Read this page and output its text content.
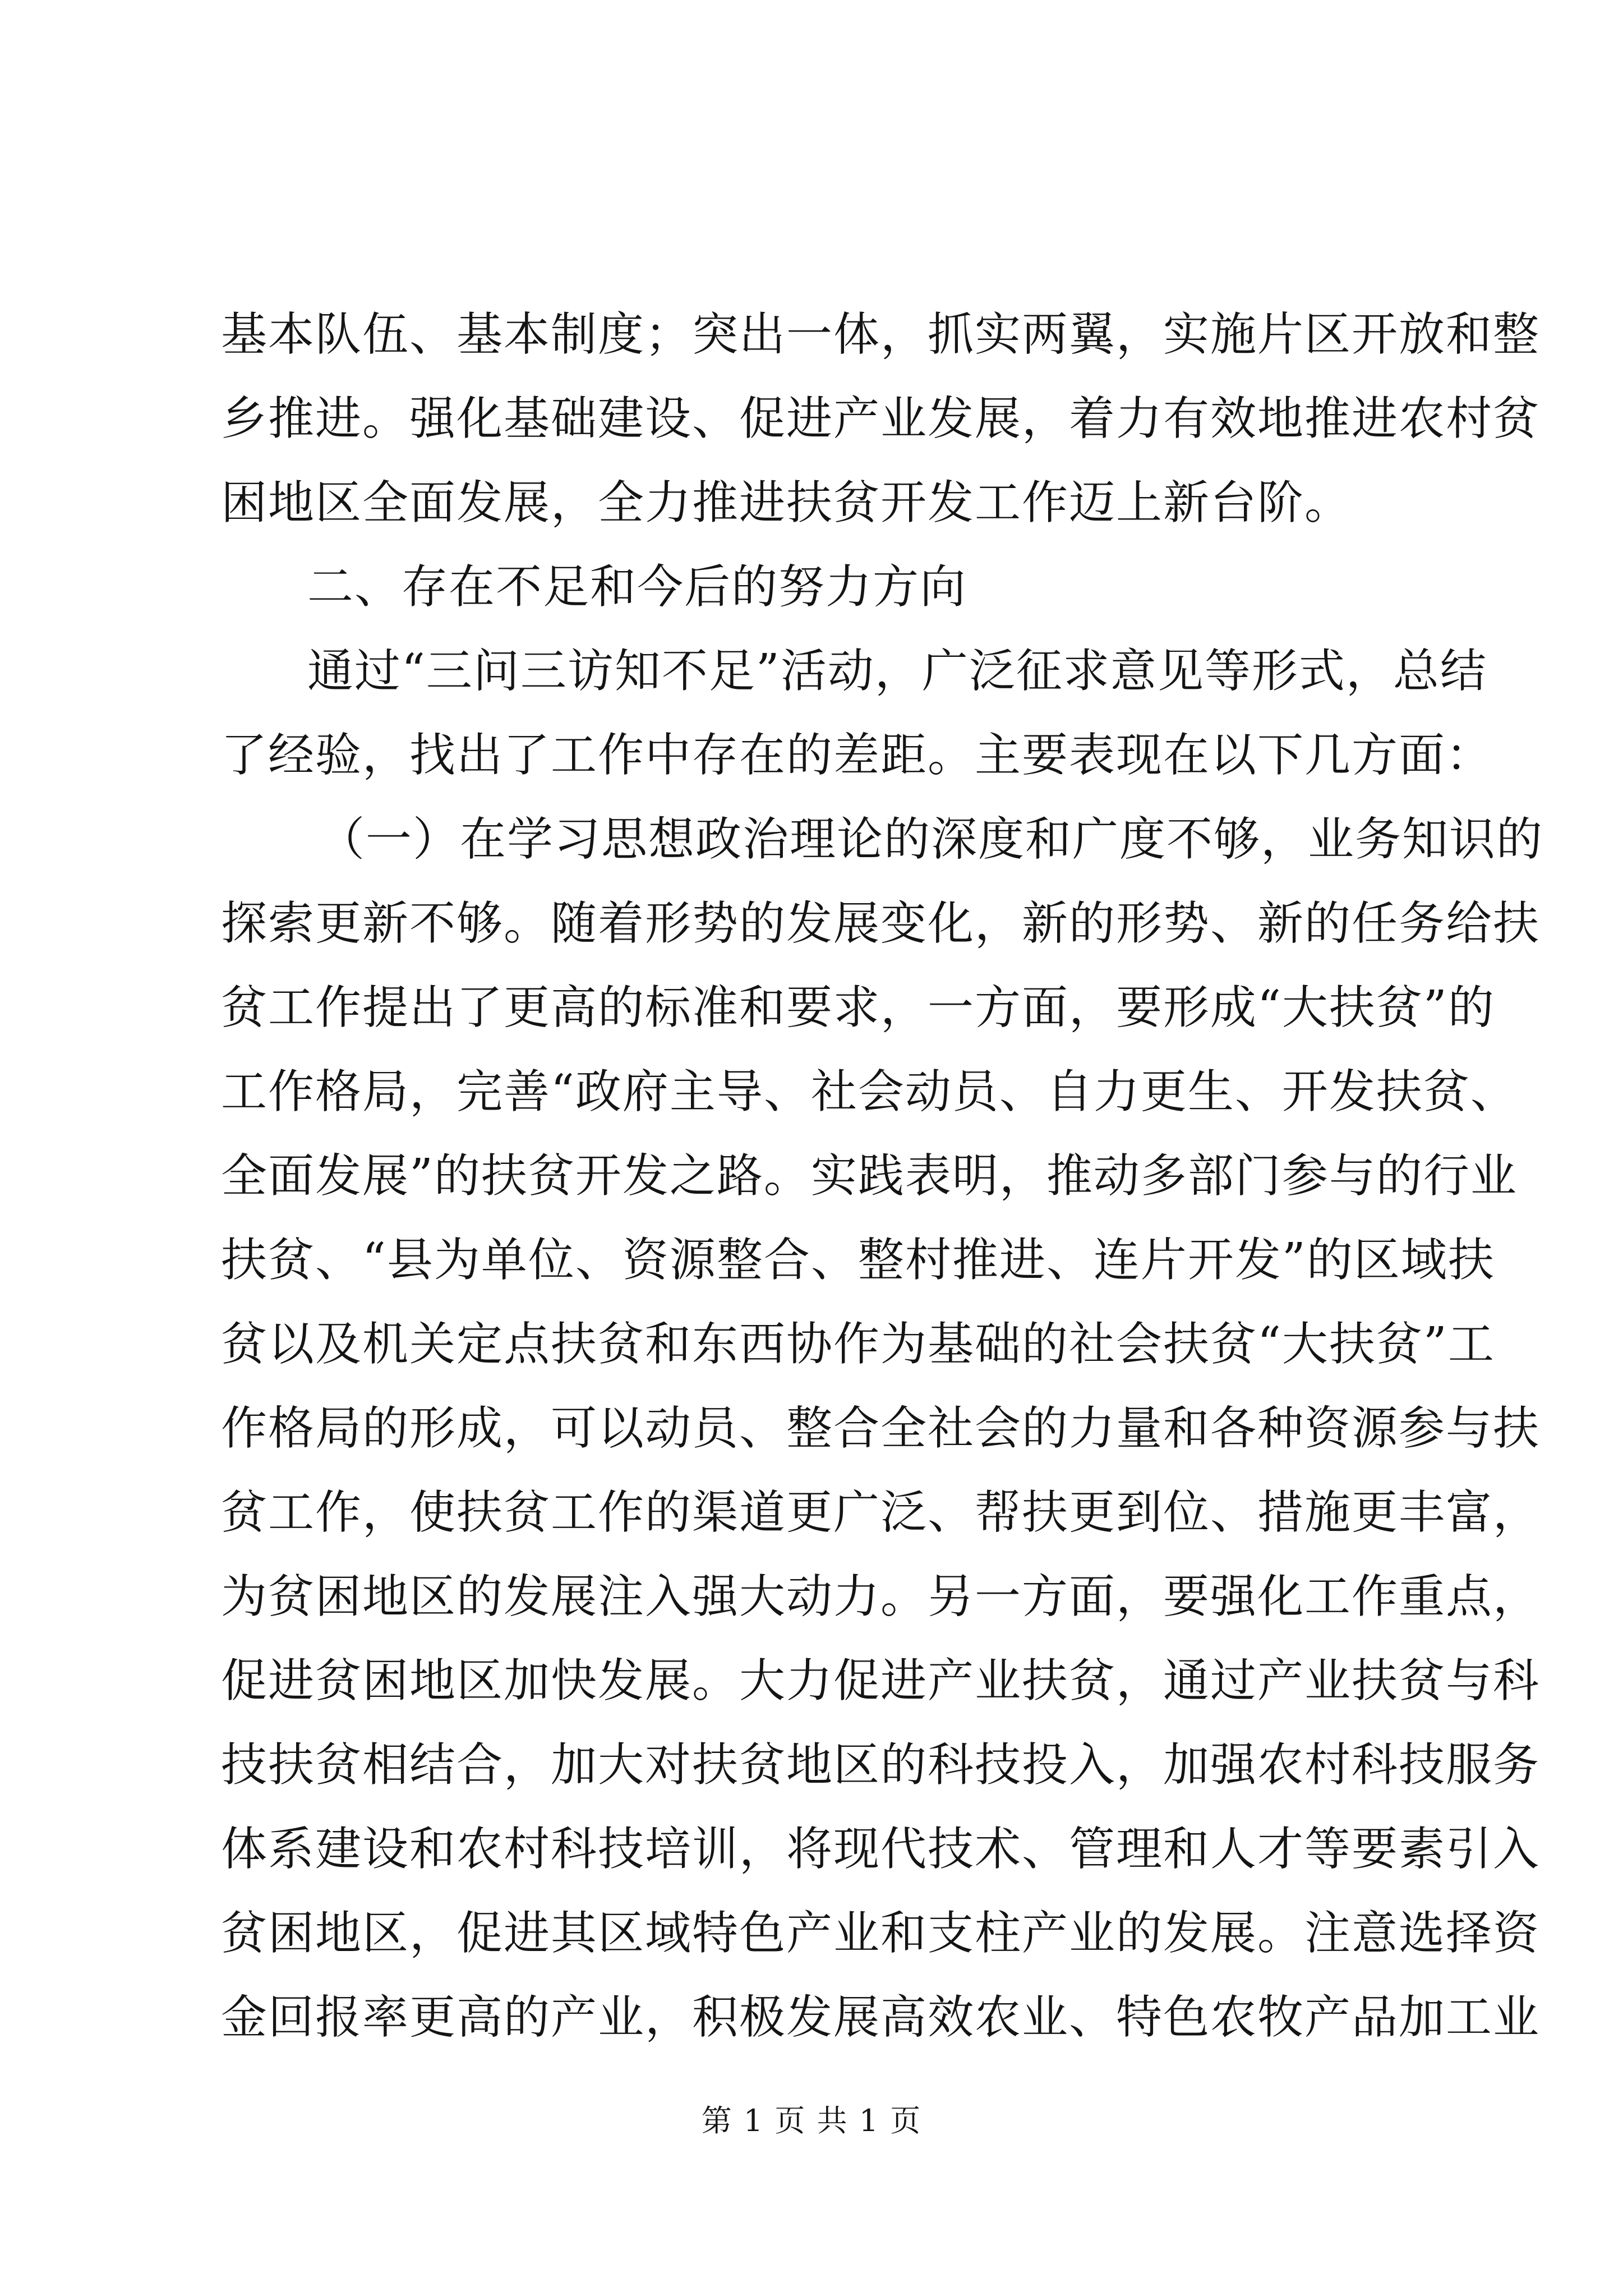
基本队伍、基本制度；突出一体，抓实两翼，实施片区开放和整
乡推进。强化基础建设、促进产业发展，着力有效地推进农村贫
困地区全面发展，全力推进扶贫开发工作迈上新台阶。
二、存在不足和今后的努力方向
通过“三问三访知不足”活动，广泛征求意见等形式，总结
了经验，找出了工作中存在的差距。主要表现在以下几方面：
（一）在学习思想政治理论的深度和广度不够，业务知识的
探索更新不够。随着形势的发展变化，新的形势、新的任务给扶
贫工作提出了更高的标准和要求，一方面，要形成“大扶贫”的
工作格局，完善“政府主导、社会动员、自力更生、开发扶贫、
全面发展”的扶贫开发之路。实践表明，推动多部门参与的行业
扶贫、“县为单位、资源整合、整村推进、连片开发”的区域扶
贫以及机关定点扶贫和东西协作为基础的社会扶贫“大扶贫”工
作格局的形成，可以动员、整合全社会的力量和各种资源参与扶
贫工作，使扶贫工作的渠道更广泛、帮扶更到位、措施更丰富，
为贫困地区的发展注入强大动力。另一方面，要强化工作重点，
促进贫困地区加快发展。大力促进产业扶贫，通过产业扶贫与科
技扶贫相结合，加大对扶贫地区的科技投入，加强农村科技服务
体系建设和农村科技培训，将现代技术、管理和人才等要素引入
贫困地区，促进其区域特色产业和支柱产业的发展。注意选择资
金回报率更高的产业，积极发展高效农业、特色农牧产品加工业
第 1 页 共 1 页
